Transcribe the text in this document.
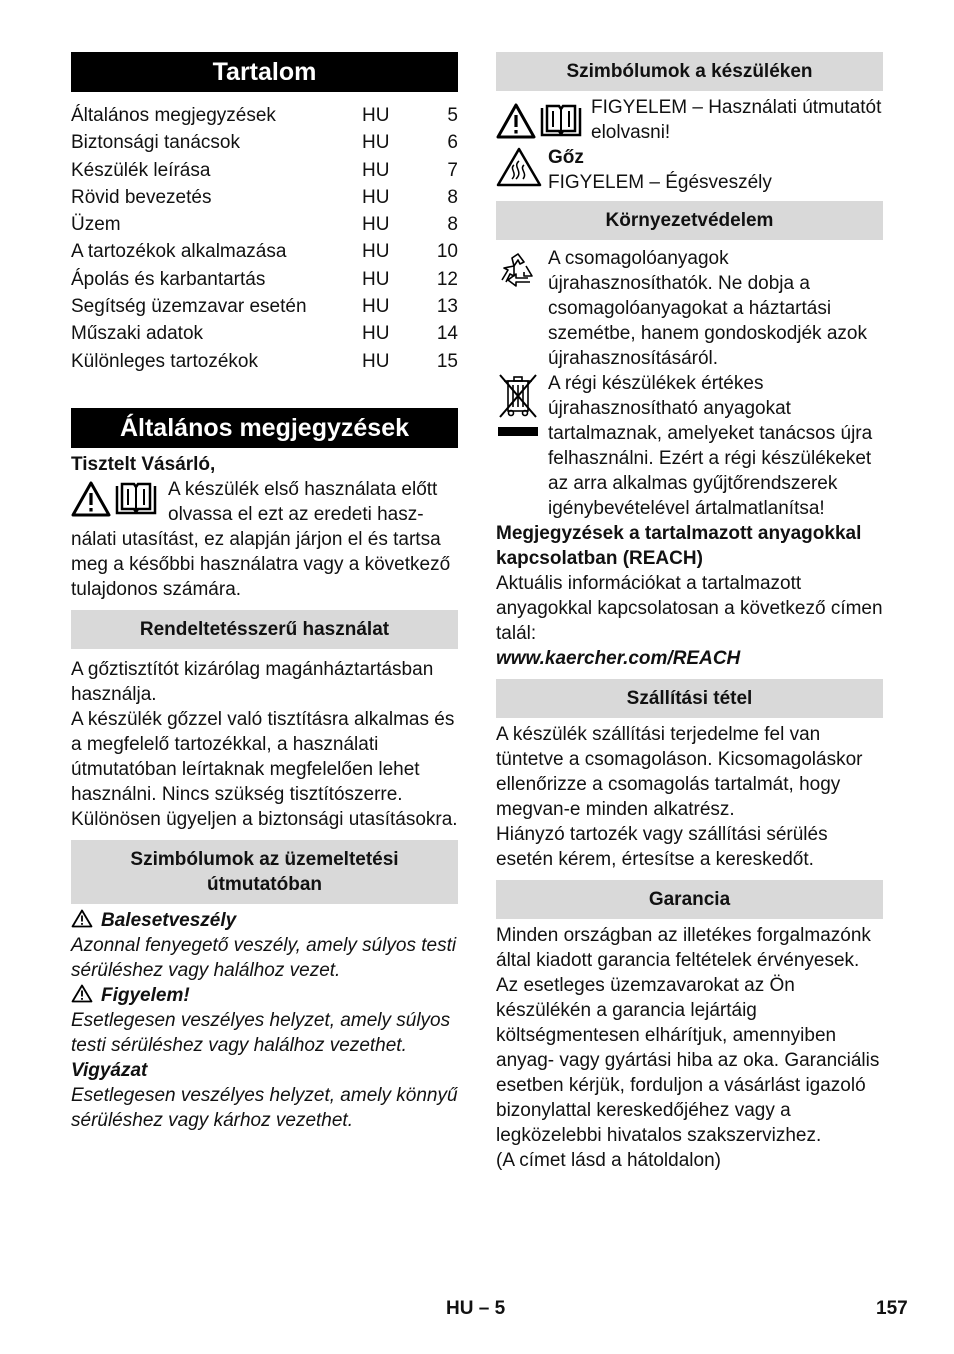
Tartalom
Általános megjegyzések	HU	5
Biztonsági tanácsok	HU	6
Készülék leírása	HU	7
Rövid bevezetés	HU	8
Üzem	HU	8
A tartozékok alkalmazása	HU	10
Ápolás és karbantartás	HU	12
Segítség üzemzavar esetén	HU	13
Műszaki adatok	HU	14
Különleges tartozékok	HU	15
Általános megjegyzések
Tisztelt Vásárló,
A készülék első használata előtt olvassa el ezt az eredeti hasz-
nálati utasítást, ez alapján járjon el és tartsa meg a későbbi használatra vagy a következő tulajdonos számára.
Rendeltetésszerű használat
A gőztisztítót kizárólag magánháztartásban használja.
A készülék gőzzel való tisztításra alkalmas és a megfelelő tartozékkal, a használati útmutatóban leírtaknak megfelelően lehet használni. Nincs szükség tisztítószerre.
Különösen ügyeljen a biztonsági utasításokra.
Szimbólumok az üzemeltetési útmutatóban
Balesetveszély
Azonnal fenyegető veszély, amely súlyos testi sérüléshez vagy halálhoz vezet.
Figyelem!
Esetlegesen veszélyes helyzet, amely súlyos testi sérüléshez vagy halálhoz vezethet.
Vigyázat
Esetlegesen veszélyes helyzet, amely könnyű sérüléshez vagy kárhoz vezethet.
Szimbólumok a készüléken
FIGYELEM – Használati útmutatót elolvasni!
Gőz
FIGYELEM – Égésveszély
Környezetvédelem
A csomagolóanyagok újrahasznosíthatók. Ne dobja a csomagolóanyagokat a háztartási szemétbe, hanem gondoskodjék azok újrahasznosításáról.
A régi készülékek értékes újrahasznosítható anyagokat tartalmaznak, amelyeket tanácsos újra felhasználni. Ezért a régi készülékeket az arra alkalmas gyűjtőrendszerek igénybevételével ártalmatlanítsa!
Megjegyzések a tartalmazott anyagokkal kapcsolatban (REACH)
Aktuális információkat a tartalmazott anyagokkal kapcsolatosan a következő címen talál:
www.kaercher.com/REACH
Szállítási tétel
A készülék szállítási terjedelme fel van tüntetve a csomagoláson. Kicsomagoláskor ellenőrizze a csomagolás tartalmát, hogy megvan-e minden alkatrész.
Hiányzó tartozék vagy szállítási sérülés esetén kérem, értesítse a kereskedőt.
Garancia
Minden országban az illetékes forgalmazónk által kiadott garancia feltételek érvényesek. Az esetleges üzemzavarokat az Ön készülékén a garancia lejártáig költségmentesen elhárítjuk, amennyiben anyag- vagy gyártási hiba az oka. Garanciális esetben kérjük, forduljon a vásárlást igazoló bizonylattal kereskedőjéhez vagy a legközelebbi hivatalos szakszervizhez.
(A címet lásd a hátoldalon)
HU – 5	157
